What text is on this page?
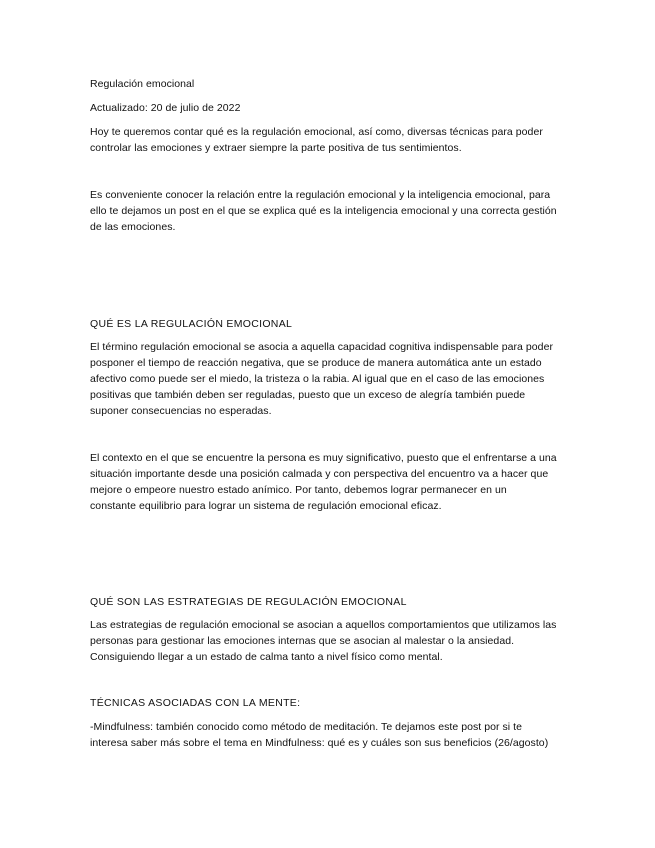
Regulación emocional
Actualizado: 20 de julio de 2022
Hoy te queremos contar qué es la regulación emocional, así como, diversas técnicas para poder
controlar las emociones y extraer siempre la parte positiva de tus sentimientos.
Es conveniente conocer la relación entre la regulación emocional y la inteligencia emocional, para
ello te dejamos un post en el que se explica qué es la inteligencia emocional y una correcta gestión
de las emociones.
QUÉ ES LA REGULACIÓN EMOCIONAL
El término regulación emocional se asocia a aquella capacidad cognitiva indispensable para poder
posponer el tiempo de reacción negativa, que se produce de manera automática ante un estado
afectivo como puede ser el miedo, la tristeza o la rabia. Al igual que en el caso de las emociones
positivas que también deben ser reguladas, puesto que un exceso de alegría también puede
suponer consecuencias no esperadas.
El contexto en el que se encuentre la persona es muy significativo, puesto que el enfrentarse a una
situación importante desde una posición calmada y con perspectiva del encuentro va a hacer que
mejore o empeore nuestro estado anímico. Por tanto, debemos lograr permanecer en un
constante equilibrio para lograr un sistema de regulación emocional eficaz.
QUÉ SON LAS ESTRATEGIAS DE REGULACIÓN EMOCIONAL
Las estrategias de regulación emocional se asocian a aquellos comportamientos que utilizamos las
personas para gestionar las emociones internas que se asocian al malestar o la ansiedad.
Consiguiendo llegar a un estado de calma tanto a nivel físico como mental.
TÉCNICAS ASOCIADAS CON LA MENTE:
-Mindfulness: también conocido como método de meditación. Te dejamos este post por si te
interesa saber más sobre el tema en Mindfulness: qué es y cuáles son sus beneficios (26/agosto)
